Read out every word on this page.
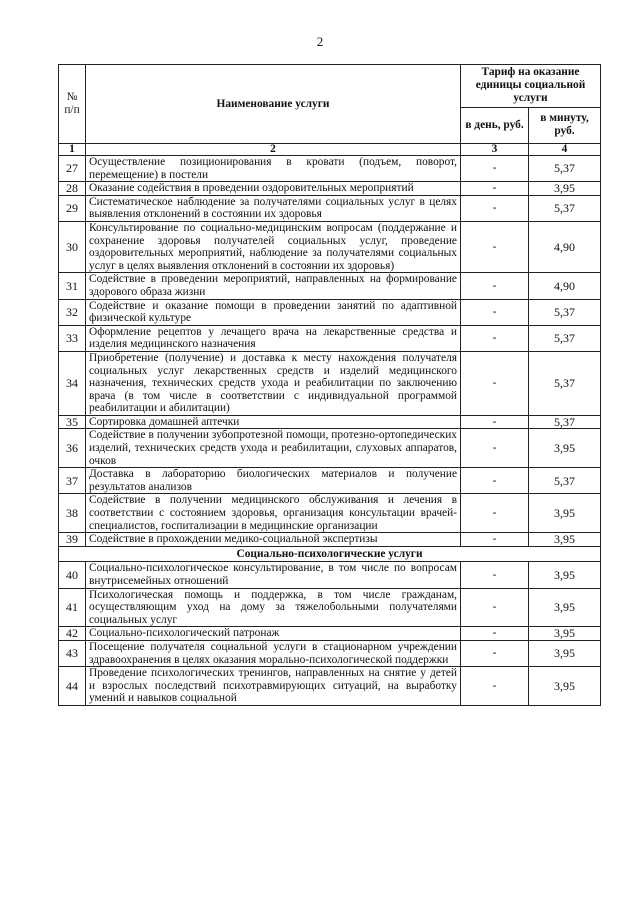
2
№ п/п	Наименование услуги	Тариф на оказание единицы социальной услуги	
		в день, руб.	в минуту, руб.
1	2	3	4
27	Осуществление позиционирования в кровати (подъем, поворот, перемещение) в постели	-	5,37
28	Оказание содействия в проведении оздоровительных мероприятий	-	3,95
29	Систематическое наблюдение за получателями социальных услуг в целях выявления отклонений в состоянии их здоровья	-	5,37
30	Консультирование по социально-медицинским вопросам (поддержание и сохранение здоровья получателей социальных услуг, проведение оздоровительных мероприятий, наблюдение за получателями социальных услуг в целях выявления отклонений в состоянии их здоровья)	-	4,90
31	Содействие в проведении мероприятий, направленных на формирование здорового образа жизни	-	4,90
32	Содействие и оказание помощи в проведении занятий по адаптивной физической культуре	-	5,37
33	Оформление рецептов у лечащего врача на лекарственные средства и изделия медицинского назначения	-	5,37
34	Приобретение (получение) и доставка к месту нахождения получателя социальных услуг лекарственных средств и изделий медицинского назначения, технических средств ухода и реабилитации по заключению врача (в том числе в соответствии с индивидуальной программой реабилитации и абилитации)	-	5,37
35	Сортировка домашней аптечки	-	5,37
36	Содействие в получении зубопротезной помощи, протезно-ортопедических изделий, технических средств ухода и реабилитации, слуховых аппаратов, очков	-	3,95
37	Доставка в лабораторию биологических материалов и получение результатов анализов	-	5,37
38	Содействие в получении медицинского обслуживания и лечения в соответствии с состоянием здоровья, организация консультации врачей-специалистов, госпитализации в медицинские организации	-	3,95
39	Содействие в прохождении медико-социальной экспертизы	-	3,95
Социально-психологические услуги			
40	Социально-психологическое консультирование, в том числе по вопросам внутрисемейных отношений	-	3,95
41	Психологическая помощь и поддержка, в том числе гражданам, осуществляющим уход на дому за тяжелобольными получателями социальных услуг	-	3,95
42	Социально-психологический патронаж	-	3,95
43	Посещение получателя социальной услуги в стационарном учреждении здравоохранения в целях оказания морально-психологической поддержки	-	3,95
44	Проведение психологических тренингов, направленных на снятие у детей и взрослых последствий психотравмирующих ситуаций, на выработку умений и навыков социальной	-	3,95
